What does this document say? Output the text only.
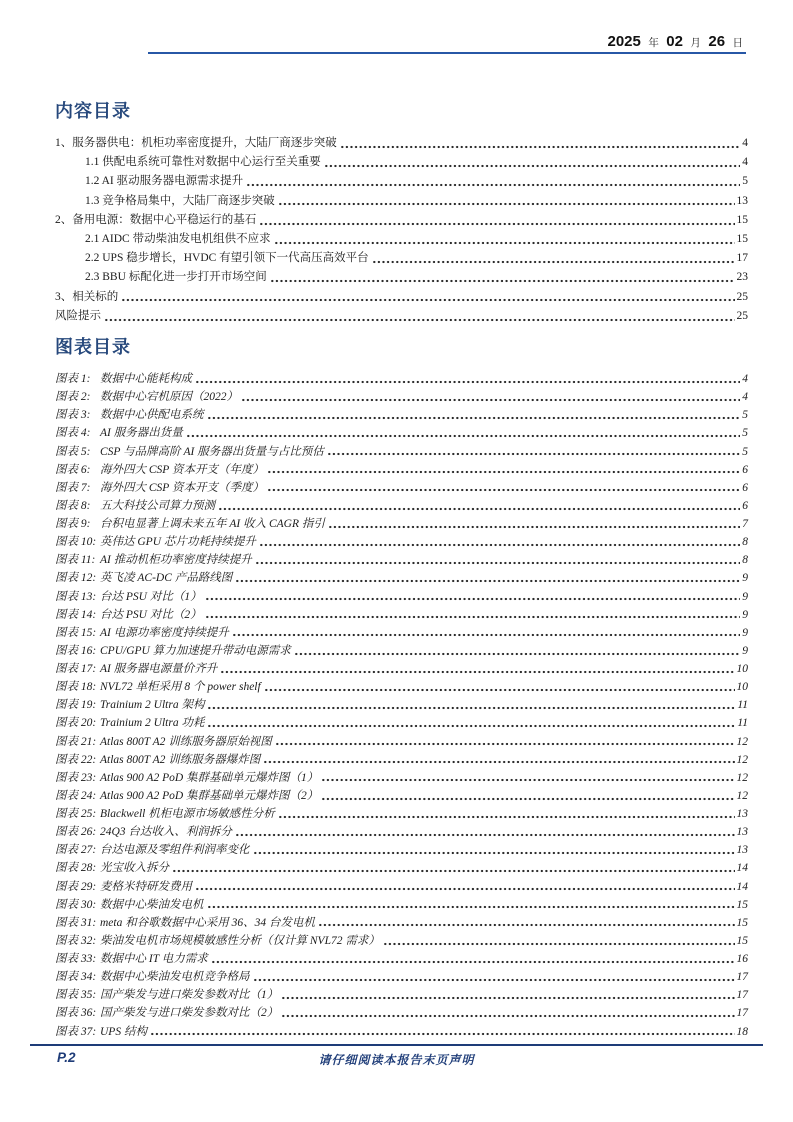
2025 年 02 月 26 日
内容目录
1、服务器供电：机柜功率密度提升，大陆厂商逐步突破	4
1.1 供配电系统可靠性对数据中心运行至关重要	4
1.2 AI 驱动服务器电源需求提升	5
1.3 竞争格局集中，大陆厂商逐步突破	13
2、备用电源：数据中心平稳运行的基石	15
2.1 AIDC 带动柴油发电机组供不应求	15
2.2 UPS 稳步增长，HVDC 有望引领下一代高压高效平台	17
2.3 BBU 标配化进一步打开市场空间	23
3、相关标的	25
风险提示	25
图表目录
图表 1: 数据中心能耗构成	4
图表 2: 数据中心宕机原因（2022）	4
图表 3: 数据中心供配电系统	5
图表 4: AI 服务器出货量	5
图表 5: CSP 与品牌高阶 AI 服务器出货量与占比预估	5
图表 6: 海外四大 CSP 资本开支（年度）	6
图表 7: 海外四大 CSP 资本开支（季度）	6
图表 8: 五大科技公司算力预测	6
图表 9: 台积电显著上调未来五年 AI 收入 CAGR 指引	7
图表 10: 英伟达 GPU 芯片功耗持续提升	8
图表 11: AI 推动机柜功率密度持续提升	8
图表 12: 英飞凌 AC-DC 产品路线图	9
图表 13: 台达 PSU 对比（1）	9
图表 14: 台达 PSU 对比（2）	9
图表 15: AI 电源功率密度持续提升	9
图表 16: CPU/GPU 算力加速提升带动电源需求	9
图表 17: AI 服务器电源量价齐升	10
图表 18: NVL72 单柜采用 8 个 power shelf	10
图表 19: Trainium 2 Ultra 架构	11
图表 20: Trainium 2 Ultra 功耗	11
图表 21: Atlas 800T A2 训练服务器原始视图	12
图表 22: Atlas 800T A2 训练服务器爆炸图	12
图表 23: Atlas 900 A2 PoD 集群基础单元爆炸图（1）	12
图表 24: Atlas 900 A2 PoD 集群基础单元爆炸图（2）	12
图表 25: Blackwell 机柜电源市场敏感性分析	13
图表 26: 24Q3 台达收入、利润拆分	13
图表 27: 台达电源及零组件利润率变化	13
图表 28: 光宝收入拆分	14
图表 29: 麦格米特研发费用	14
图表 30: 数据中心柴油发电机	15
图表 31: meta 和谷歌数据中心采用 36、34 台发电机	15
图表 32: 柴油发电机市场规模敏感性分析（仅计算 NVL72 需求）	15
图表 33: 数据中心 IT 电力需求	16
图表 34: 数据中心柴油发电机竞争格局	17
图表 35: 国产柴发与进口柴发参数对比（1）	17
图表 36: 国产柴发与进口柴发参数对比（2）	17
图表 37: UPS 结构	18
P.2	请仔细阅读本报告末页声明
